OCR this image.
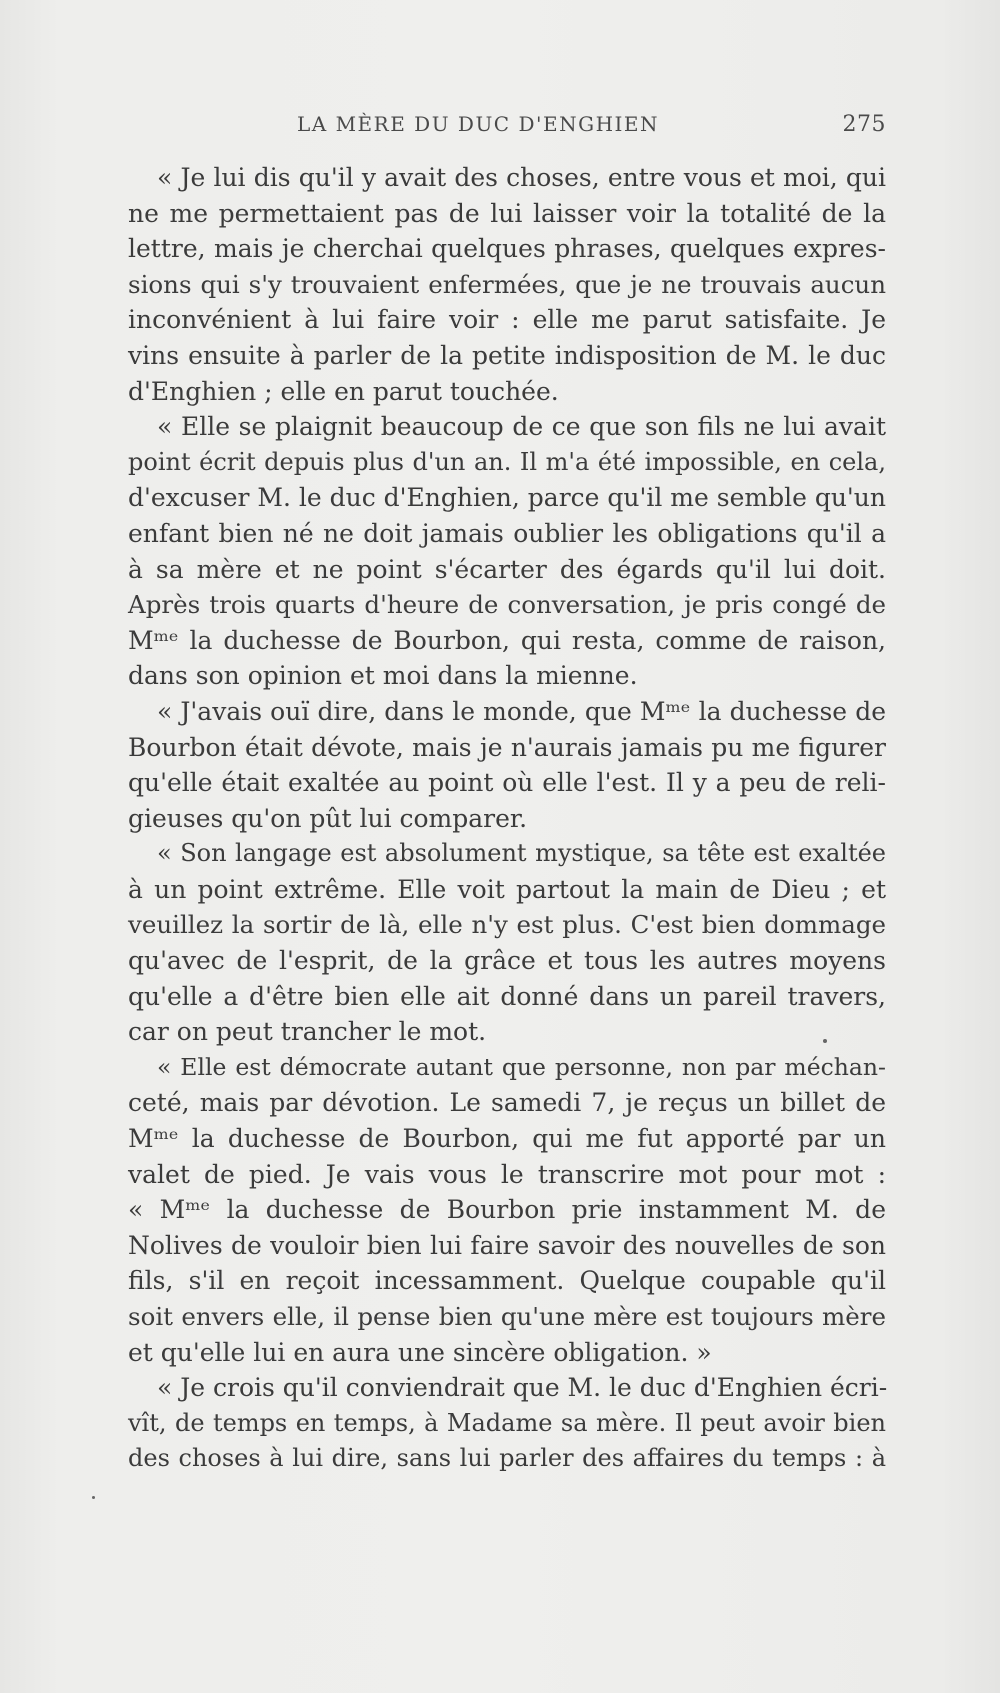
LA MÈRE DU DUC D'ENGHIEN	275
« Je lui dis qu'il y avait des choses, entre vous et moi, qui
ne me permettaient pas de lui laisser voir la totalité de la
lettre, mais je cherchai quelques phrases, quelques expres-
sions qui s'y trouvaient enfermées, que je ne trouvais aucun
inconvénient à lui faire voir : elle me parut satisfaite. Je
vins ensuite à parler de la petite indisposition de M. le duc
d'Enghien ; elle en parut touchée.
« Elle se plaignit beaucoup de ce que son fils ne lui avait
point écrit depuis plus d'un an. Il m'a été impossible, en cela,
d'excuser M. le duc d'Enghien, parce qu'il me semble qu'un
enfant bien né ne doit jamais oublier les obligations qu'il a
à sa mère et ne point s'écarter des égards qu'il lui doit.
Après trois quarts d'heure de conversation, je pris congé de
Mᵐᵉ la duchesse de Bourbon, qui resta, comme de raison,
dans son opinion et moi dans la mienne.
« J'avais ouï dire, dans le monde, que Mᵐᵉ la duchesse de
Bourbon était dévote, mais je n'aurais jamais pu me figurer
qu'elle était exaltée au point où elle l'est. Il y a peu de reli-
gieuses qu'on pût lui comparer.
« Son langage est absolument mystique, sa tête est exaltée
à un point extrême. Elle voit partout la main de Dieu ; et
veuillez la sortir de là, elle n'y est plus. C'est bien dommage
qu'avec de l'esprit, de la grâce et tous les autres moyens
qu'elle a d'être bien elle ait donné dans un pareil travers,
car on peut trancher le mot.
« Elle est démocrate autant que personne, non par méchan-
ceté, mais par dévotion. Le samedi 7, je reçus un billet de
Mᵐᵉ la duchesse de Bourbon, qui me fut apporté par un
valet de pied. Je vais vous le transcrire mot pour mot :
« Mᵐᵉ la duchesse de Bourbon prie instamment M. de
Nolives de vouloir bien lui faire savoir des nouvelles de son
fils, s'il en reçoit incessamment. Quelque coupable qu'il
soit envers elle, il pense bien qu'une mère est toujours mère
et qu'elle lui en aura une sincère obligation. »
« Je crois qu'il conviendrait que M. le duc d'Enghien écri-
vît, de temps en temps, à Madame sa mère. Il peut avoir bien
des choses à lui dire, sans lui parler des affaires du temps : à
